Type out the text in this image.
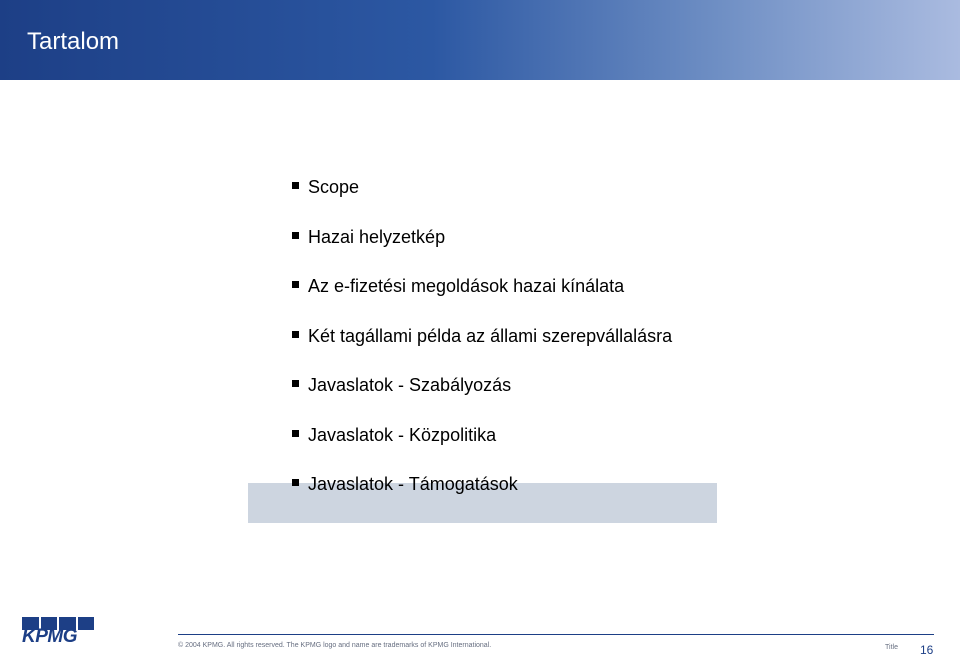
Tartalom
Scope
Hazai helyzetkép
Az e-fizetési megoldások hazai kínálata
Két tagállami példa az állami szerepvállalásra
Javaslatok - Szabályozás
Javaslatok - Közpolitika
Javaslatok - Támogatások
KPMG	© 2004 KPMG. All rights reserved. The KPMG logo and name are trademarks of KPMG International.	Title 16
